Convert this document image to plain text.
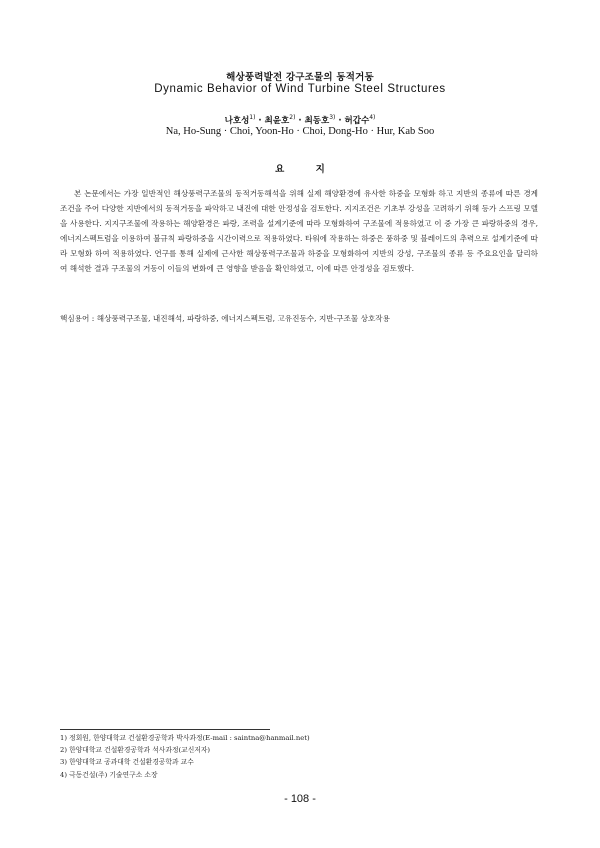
해상풍력발전 강구조물의 동적거동
Dynamic Behavior of Wind Turbine Steel Structures
나호성$^{1)}$ · 최윤호$^{2)}$ · 최동호$^{3)}$ · 허갑수$^{4)}$
Na, Ho-Sung · Choi, Yoon-Ho · Choi, Dong-Ho · Hur, Kab Soo
요 지
본 논문에서는 가장 일반적인 해상풍력구조물의 동적거동해석을 위해 실제 해양환경에 유사한 하중을 모형화 하고 지반의 종류에 따른 경계조건을 주어 다양한 지반에서의 동적거동을 파악하고 내진에 대한 안정성을 검토한다. 지지조건은 기초부 강성을 고려하기 위해 등가 스프링 모델을 사용한다. 지지구조물에 작용하는 해양환경은 파랑, 조력을 설계기준에 따라 모형화하여 구조물에 적용하였고 이 중 가장 큰 파랑하중의 경우, 에너지스펙트럼을 이용하여 불규칙 파랑하중을 시간이력으로 적용하였다. 타워에 작용하는 하중은 풍하중 및 블레이드의 추력으로 설계기준에 따라 모형화 하여 적용하였다. 연구를 통해 실제에 근사한 해상풍력구조물과 하중을 모형화하여 지반의 강성, 구조물의 종류 등 주요요인을 달리하여 해석한 결과 구조물의 거동이 이들의 변화에 큰 영향을 받음을 확인하였고, 이에 따른 안정성을 검토했다.
핵심용어 : 해상풍력구조물, 내진해석, 파랑하중, 에너지스펙트럼, 고유진동수, 지반-구조물 상호작용
1) 정회원, 한양대학교 건설환경공학과 박사과정(E-mail : saintna@hanmail.net)
2) 한양대학교 건설환경공학과 석사과정(교신저자)
3) 한양대학교 공과대학 건설환경공학과 교수
4) 극동건설(주) 기술연구소 소장
- 108 -
